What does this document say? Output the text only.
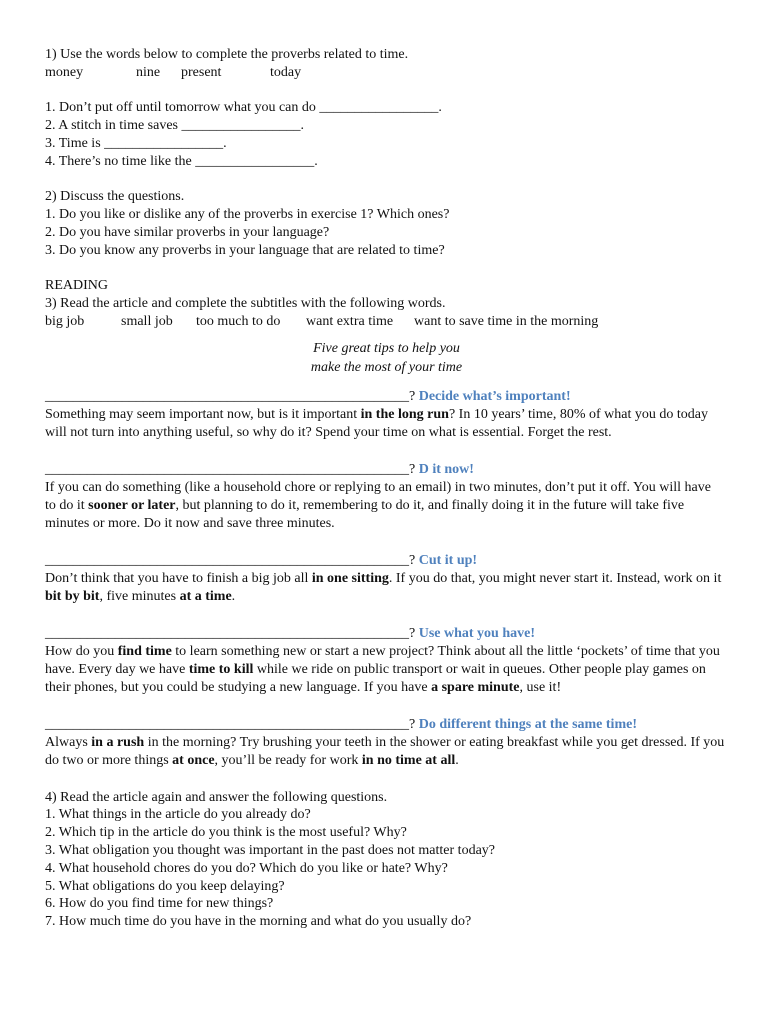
1) Use the words below to complete the proverbs related to time.
money	nine present	today
1. Don’t put off until tomorrow what you can do _________________.
2. A stitch in time saves _________________.
3. Time is _________________.
4. There’s no time like the _________________.
2) Discuss the questions.
1. Do you like or dislike any of the proverbs in exercise 1? Which ones?
2. Do you have similar proverbs in your language?
3. Do you know any proverbs in your language that are related to time?
READING
3) Read the article and complete the subtitles with the following words.
big job	small job too much to do want extra time want to save time in the morning
Five great tips to help you
make the most of your time
____________________________________________________? Decide what’s important!
Something may seem important now, but is it important in the long run? In 10 years’ time, 80% of what you do today will not turn into anything useful, so why do it? Spend your time on what is essential. Forget the rest.
____________________________________________________? D it now!
If you can do something (like a household chore or replying to an email) in two minutes, don’t put it off. You will have to do it sooner or later, but planning to do it, remembering to do it, and finally doing it in the future will take five minutes or more. Do it now and save three minutes.
____________________________________________________? Cut it up!
Don’t think that you have to finish a big job all in one sitting. If you do that, you might never start it. Instead, work on it bit by bit, five minutes at a time.
____________________________________________________? Use what you have!
How do you find time to learn something new or start a new project? Think about all the little ‘pockets’ of time that you have. Every day we have time to kill while we ride on public transport or wait in queues. Other people play games on their phones, but you could be studying a new language. If you have a spare minute, use it!
____________________________________________________? Do different things at the same time!
Always in a rush in the morning? Try brushing your teeth in the shower or eating breakfast while you get dressed. If you do two or more things at once, you’ll be ready for work in no time at all.
4) Read the article again and answer the following questions.
1. What things in the article do you already do?
2. Which tip in the article do you think is the most useful? Why?
3. What obligation you thought was important in the past does not matter today?
4. What household chores do you do? Which do you like or hate? Why?
5. What obligations do you keep delaying?
6. How do you find time for new things?
7. How much time do you have in the morning and what do you usually do?
